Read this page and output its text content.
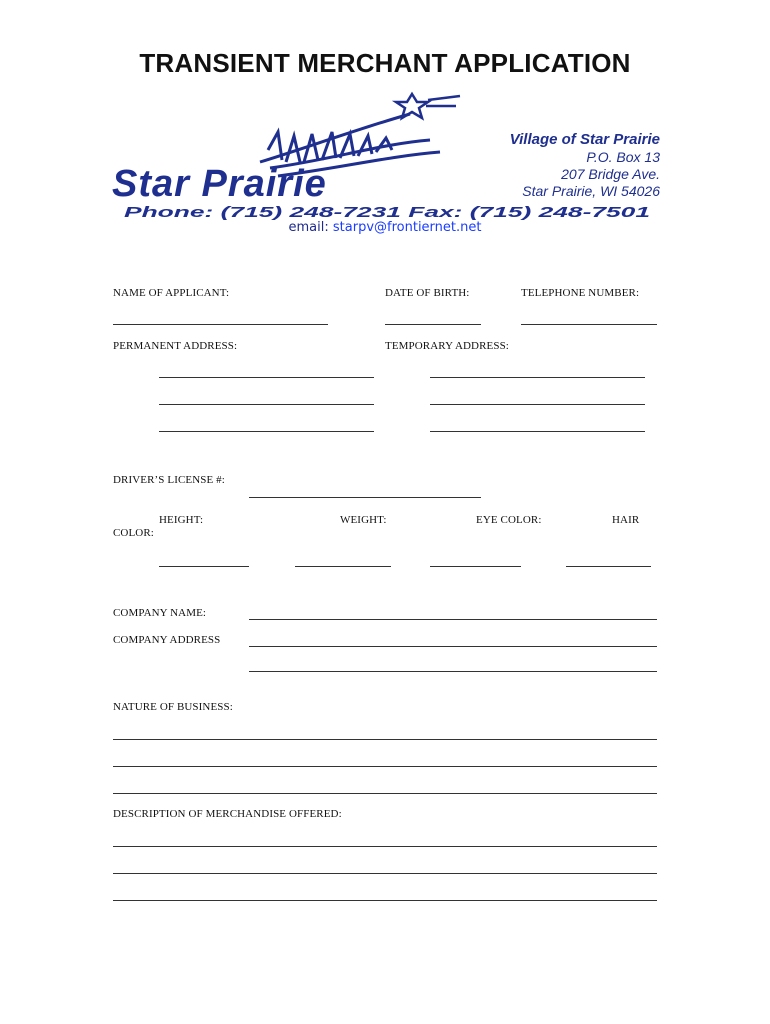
TRANSIENT MERCHANT APPLICATION
Star Prairie
Village of Star Prairie
P.O. Box 13
207 Bridge Ave.
Star Prairie, WI 54026
Phone: (715) 248-7231 Fax: (715) 248-7501
email: starpv@frontiernet.net
NAME OF APPLICANT:	DATE OF BIRTH:	TELEPHONE NUMBER:
PERMANENT ADDRESS:	TEMPORARY ADDRESS:
DRIVER’S LICENSE #:
HEIGHT:	WEIGHT:	EYE COLOR:	HAIR
COLOR:
COMPANY NAME:
COMPANY ADDRESS
NATURE OF BUSINESS:
DESCRIPTION OF MERCHANDISE OFFERED:
